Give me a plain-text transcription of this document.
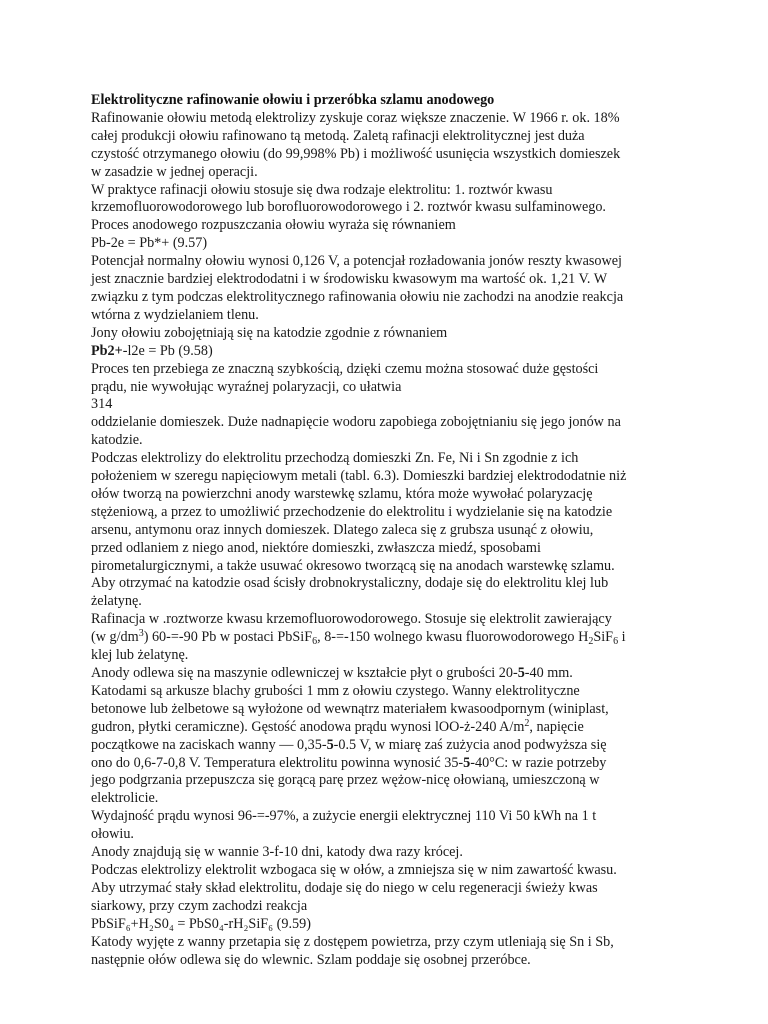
Elektrolityczne rafinowanie ołowiu i przeróbka szlamu anodowego
Rafinowanie ołowiu metodą elektrolizy zyskuje coraz większe znaczenie. W 1966 r. ok. 18%
całej produkcji ołowiu rafinowano tą metodą. Zaletą rafinacji elektrolitycznej jest duża
czystość otrzymanego ołowiu (do 99,998% Pb) i możliwość usunięcia wszystkich domieszek
w zasadzie w jednej operacji.
W praktyce rafinacji ołowiu stosuje się dwa rodzaje elektrolitu: 1. roztwór kwasu
krzemofluorowodorowego lub borofluorowodorowego i 2. roztwór kwasu sulfaminowego.
Proces anodowego rozpuszczania ołowiu wyraża się równaniem
Pb-2e = Pb*+ (9.57)
Potencjał normalny ołowiu wynosi 0,126 V, a potencjał rozładowania jonów reszty kwasowej
jest znacznie bardziej elektrododatni i w środowisku kwasowym ma wartość ok. 1,21 V. W
związku z tym podczas elektrolitycznego rafinowania ołowiu nie zachodzi na anodzie reakcja
wtórna z wydzielaniem tlenu.
Jony ołowiu zobojętniają się na katodzie zgodnie z równaniem
Pb2+-l2e = Pb (9.58)
Proces ten przebiega ze znaczną szybkością, dzięki czemu można stosować duże gęstości
prądu, nie wywołując wyraźnej polaryzacji, co ułatwia
314
oddzielanie domieszek. Duże nadnapięcie wodoru zapobiega zobojętnianiu się jego jonów na
katodzie.
Podczas elektrolizy do elektrolitu przechodzą domieszki Zn. Fe, Ni i Sn zgodnie z ich
położeniem w szeregu napięciowym metali (tabl. 6.3). Domieszki bardziej elektrododatnie niż
ołów tworzą na powierzchni anody warstewkę szlamu, która może wywołać polaryzację
stężeniową, a przez to umożliwić przechodzenie do elektrolitu i wydzielanie się na katodzie
arsenu, antymonu oraz innych domieszek. Dlatego zaleca się z grubsza usunąć z ołowiu,
przed odlaniem z niego anod, niektóre domieszki, zwłaszcza miedź, sposobami
pirometalurgicznymi, a także usuwać okresowo tworzącą się na anodach warstewkę szlamu.
Aby otrzymać na katodzie osad ścisły drobnokrystaliczny, dodaje się do elektrolitu klej lub
żelatynę.
Rafinacja w .roztworze kwasu krzemofluorowodorowego. Stosuje się elektrolit zawierający
(w $g/dm^3$) 60-=-90 Pb w postaci PbSiF$_6$, 8-=-150 wolnego kwasu fluorowodorowego $H_2SiF_6$ i
klej lub żelatynę.
Anody odlewa się na maszynie odlewniczej w kształcie płyt o grubości 20-5-40 mm.
Katodami są arkusze blachy grubości 1 mm z ołowiu czystego. Wanny elektrolityczne
betonowe lub żelbetowe są wyłożone od wewnątrz materiałem kwasoodpornym (winiplast,
gudron, płytki ceramiczne). Gęstość anodowa prądu wynosi lOO-ż-240 $A/m^2$, napięcie
początkowe na zaciskach wanny — 0,35-5-0.5 V, w miarę zaś zużycia anod podwyższa się
ono do 0,6-7-0,8 V. Temperatura elektrolitu powinna wynosić 35-5-40°C: w razie potrzeby
jego podgrzania przepuszcza się gorącą parę przez wężow-nicę ołowianą, umieszczoną w
elektrolicie.
Wydajność prądu wynosi 96-=-97%, a zużycie energii elektrycznej 110 Vi 50 kWh na 1 t
ołowiu.
Anody znajdują się w wannie 3-f-10 dni, katody dwa razy krócej.
Podczas elektrolizy elektrolit wzbogaca się w ołów, a zmniejsza się w nim zawartość kwasu.
Aby utrzymać stały skład elektrolitu, dodaje się do niego w celu regeneracji świeży kwas
siarkowy, przy czym zachodzi reakcja
PbSiF₆+H₂S0₄ = PbS0₄-rH₂SiF₆ (9.59)
Katody wyjęte z wanny przetapia się z dostępem powietrza, przy czym utleniają się Sn i Sb,
następnie ołów odlewa się do wlewnic. Szlam poddaje się osobnej przeróbce.
